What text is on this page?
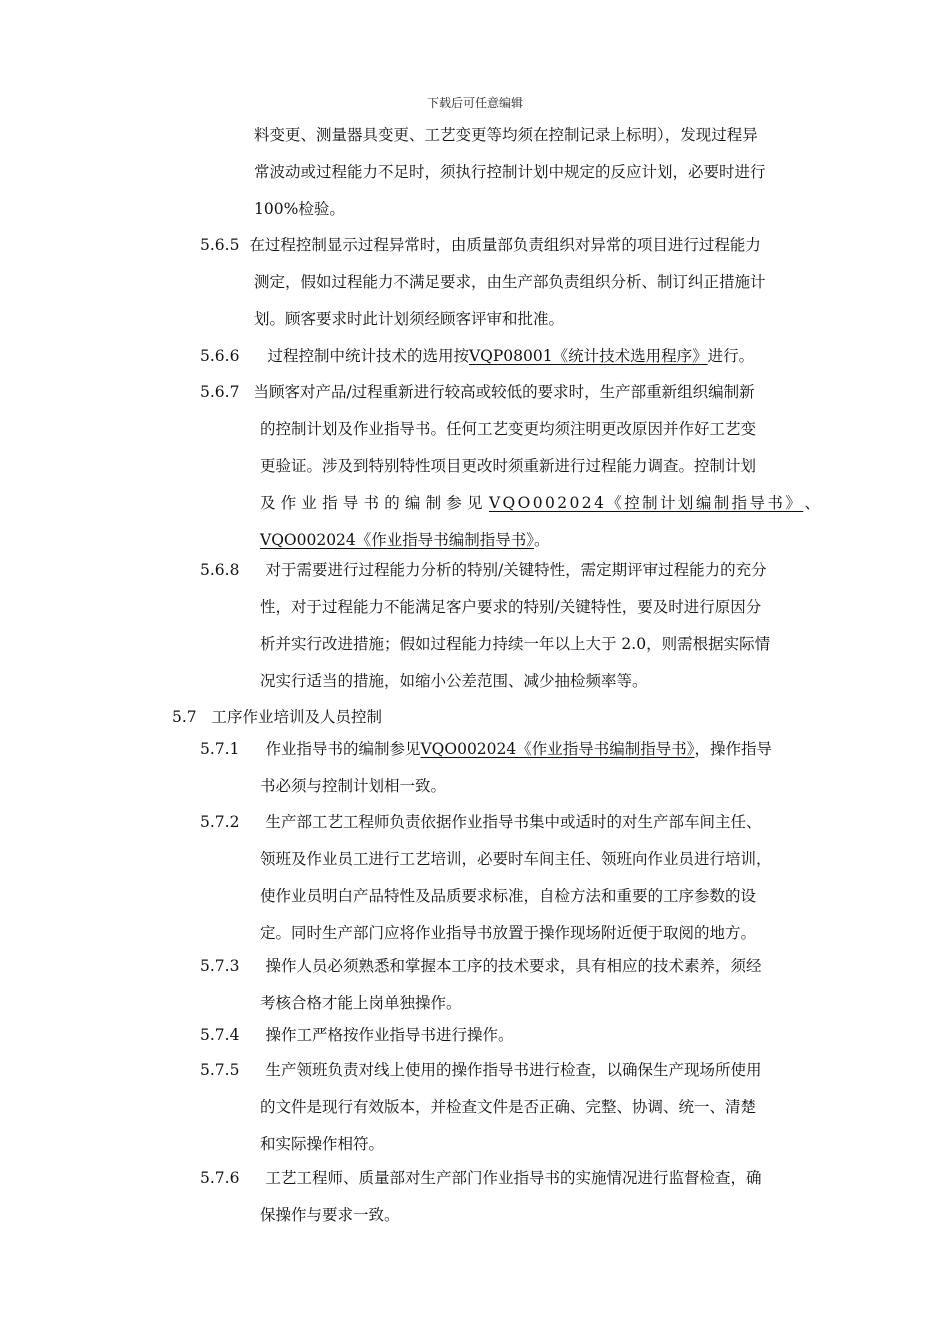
下载后可任意编辑
料变更、测量器具变更、工艺变更等均须在控制记录上标明），发现过程异
常波动或过程能力不足时，须执行控制计划中规定的反应计划，必要时进行
100%检验。
5.6.5 在过程控制显示过程异常时，由质量部负责组织对异常的项目进行过程能力
测定，假如过程能力不满足要求，由生产部负责组织分析、制订纠正措施计
划。顾客要求时此计划须经顾客评审和批准。
5.6.6 过程控制中统计技术的选用按VQP08001《统计技术选用程序》进行。
5.6.7 当顾客对产品/过程重新进行较高或较低的要求时，生产部重新组织编制新
的控制计划及作业指导书。任何工艺变更均须注明更改原因并作好工艺变
更验证。涉及到特别特性项目更改时须重新进行过程能力调查。控制计划
及作业指导书的编制参见 VQO002024《控制计划编制指导书》 、
VQO002024《作业指导书编制指导书》。
5.6.8 对于需要进行过程能力分析的特别/关键特性，需定期评审过程能力的充分
性，对于过程能力不能满足客户要求的特别/关键特性，要及时进行原因分
析并实行改进措施；假如过程能力持续一年以上大于 2.0，则需根据实际情
况实行适当的措施，如缩小公差范围、减少抽检频率等。
5.7 工序作业培训及人员控制
5.7.1 作业指导书的编制参见VQO002024《作业指导书编制指导书》，操作指导
书必须与控制计划相一致。
5.7.2 生产部工艺工程师负责依据作业指导书集中或适时的对生产部车间主任、
领班及作业员工进行工艺培训，必要时车间主任、领班向作业员进行培训，
使作业员明白产品特性及品质要求标准，自检方法和重要的工序参数的设
定。同时生产部门应将作业指导书放置于操作现场附近便于取阅的地方。
5.7.3 操作人员必须熟悉和掌握本工序的技术要求，具有相应的技术素养，须经
考核合格才能上岗单独操作。
5.7.4 操作工严格按作业指导书进行操作。
5.7.5 生产领班负责对线上使用的操作指导书进行检查，以确保生产现场所使用
的文件是现行有效版本，并检查文件是否正确、完整、协调、统一、清楚
和实际操作相符。
5.7.6 工艺工程师、质量部对生产部门作业指导书的实施情况进行监督检查，确
保操作与要求一致。
